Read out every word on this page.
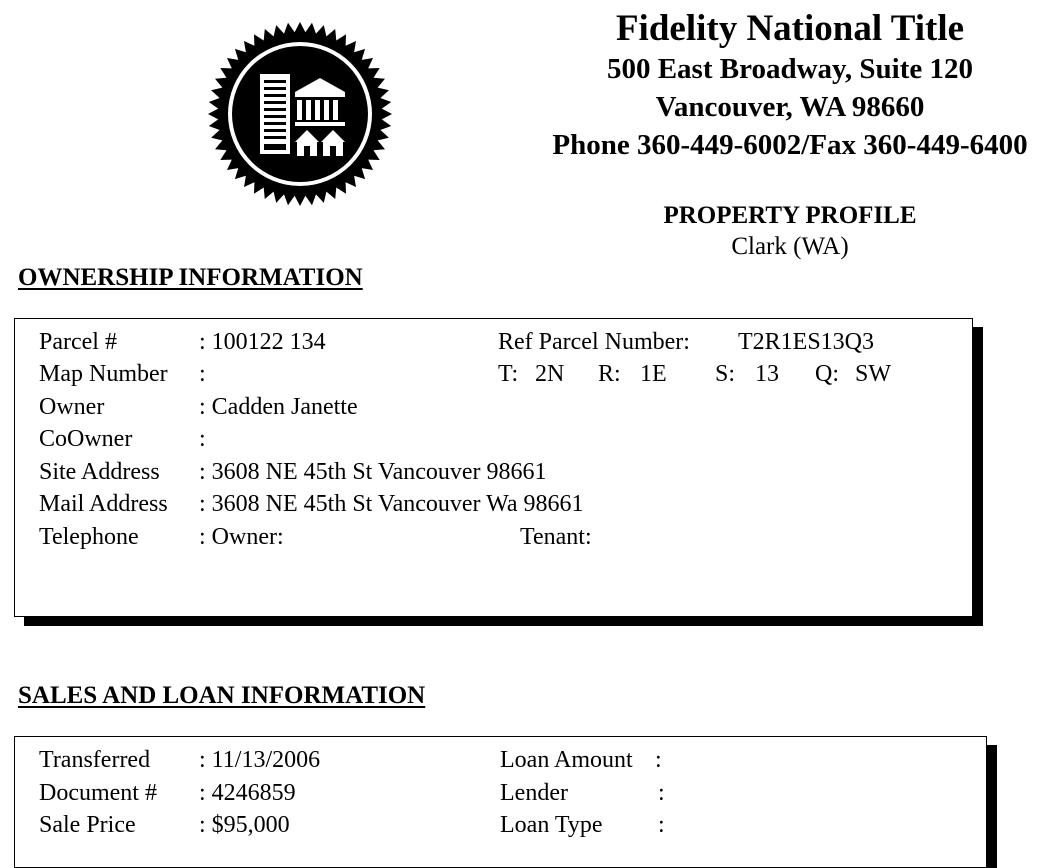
Fidelity National Title
500 East Broadway, Suite 120
Vancouver, WA 98660
Phone 360-449-6002/Fax 360-449-6400
PROPERTY PROFILE
Clark (WA)
OWNERSHIP INFORMATION
Parcel #	: 100122 134	Ref Parcel Number: T2R1ES13Q3
Map Number :	T: 2N R: 1E S: 13 Q: SW
Owner	: Cadden Janette
CoOwner	:
Site Address : 3608 NE 45th St Vancouver 98661
Mail Address : 3608 NE 45th St Vancouver Wa 98661
Telephone	: Owner:	Tenant:
SALES AND LOAN INFORMATION
Transferred : 11/13/2006	Loan Amount :
Document # : 4246859	Lender	:
Sale Price	: $95,000	Loan Type :
